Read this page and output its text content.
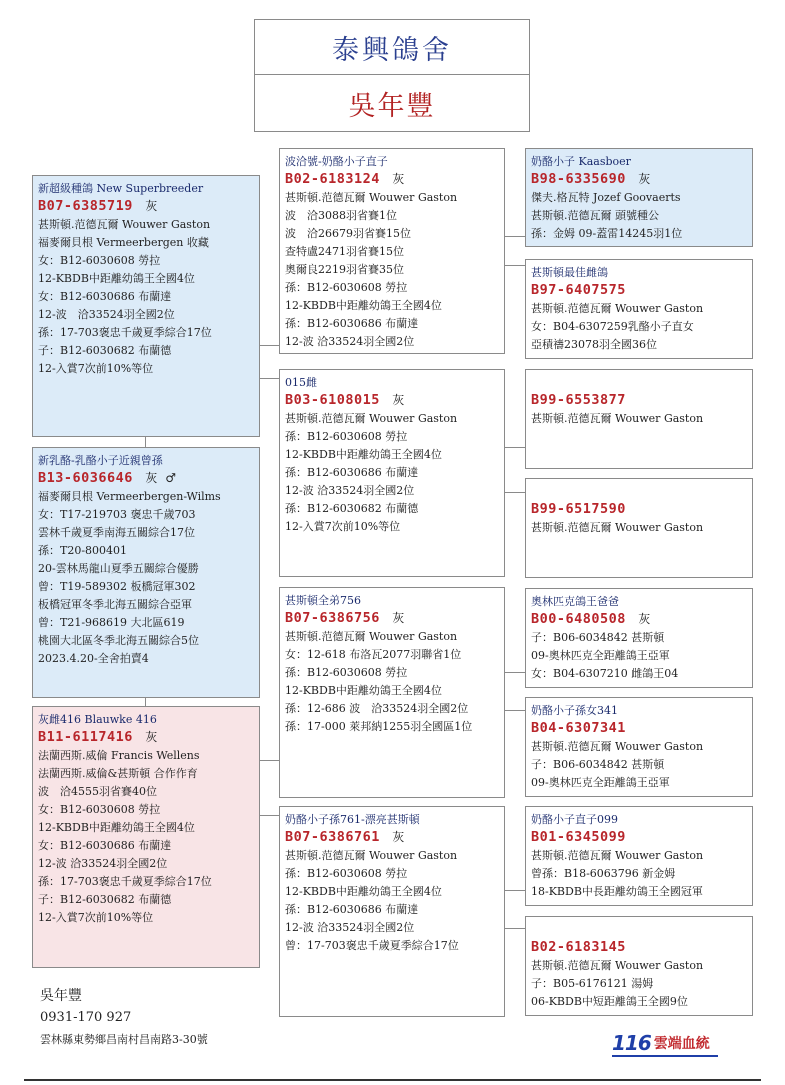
泰興鴿舍
吳年豐
新超級種鴿 New Superbreeder
B07-6385719 灰
甚斯頓.范德瓦爾 Wouwer Gaston
福麥爾貝根 Vermeerbergen 收藏
女：B12-6030608 勞拉
12-KBDB中距離幼鴿王全國4位
女：B12-6030686 布蘭達
12-波　洽33524羽全國2位
孫：17-703褒忠千歲夏季綜合17位
子：B12-6030682 布蘭德
12-入賞7次前10%等位
新乳酪-乳酪小子近親曾孫
B13-6036646 灰 ♂
福麥爾貝根 Vermeerbergen-Wilms
女：T17-219703 褒忠千歲703
雲林千歲夏季南海五關綜合17位
孫：T20-800401
20-雲林馬龍山夏季五關綜合優勝
曾：T19-589302 板橋冠軍302
板橋冠軍冬季北海五關綜合亞軍
曾：T21-968619 大北區619
桃園大北區冬季北海五關綜合5位
2023.4.20-全舍拍賣4
灰雌416 Blauwke 416
B11-6117416 灰
法蘭西斯.威倫 Francis Wellens
法蘭西斯.威倫&甚斯頓 合作作育
波　洽4555羽省賽40位
女：B12-6030608 勞拉
12-KBDB中距離幼鴿王全國4位
女：B12-6030686 布蘭達
12-波 洽33524羽全國2位
孫：17-703褒忠千歲夏季綜合17位
子：B12-6030682 布蘭德
12-入賞7次前10%等位
波洽號-奶酪小子直子
B02-6183124 灰
甚斯頓.范德瓦爾 Wouwer Gaston
波　洽3088羽省賽1位
波　洽26679羽省賽15位
查特盧2471羽省賽15位
奧爾良2219羽省賽35位
孫：B12-6030608 勞拉
12-KBDB中距離幼鴿王全國4位
孫：B12-6030686 布蘭達
12-波 洽33524羽全國2位
015雌
B03-6108015 灰
甚斯頓.范德瓦爾 Wouwer Gaston
孫：B12-6030608 勞拉
12-KBDB中距離幼鴿王全國4位
孫：B12-6030686 布蘭達
12-波 洽33524羽全國2位
孫：B12-6030682 布蘭德
12-入賞7次前10%等位
甚斯頓全弟756
B07-6386756 灰
甚斯頓.范德瓦爾 Wouwer Gaston
女：12-618 布洛瓦2077羽聯省1位
孫：B12-6030608 勞拉
12-KBDB中距離幼鴿王全國4位
孫：12-686 波　洽33524羽全國2位
孫：17-000 萊邦納1255羽全國區1位
奶酪小子孫761-漂亮甚斯頓
B07-6386761 灰
甚斯頓.范德瓦爾 Wouwer Gaston
孫：B12-6030608 勞拉
12-KBDB中距離幼鴿王全國4位
孫：B12-6030686 布蘭達
12-波 洽33524羽全國2位
曾：17-703褒忠千歲夏季綜合17位
奶酪小子 Kaasboer
B98-6335690 灰
傑夫.格瓦特 Jozef Goovaerts
甚斯頓.范德瓦爾 頭號種公
孫：金姆 09-蓋雷14245羽1位
甚斯頓最佳雌鴿
B97-6407575
甚斯頓.范德瓦爾 Wouwer Gaston
女：B04-6307259乳酪小子直女
亞積禱23078羽全國36位
B99-6553877
甚斯頓.范德瓦爾 Wouwer Gaston
B99-6517590
甚斯頓.范德瓦爾 Wouwer Gaston
奧林匹克鴿王爸爸
B00-6480508 灰
子：B06-6034842 甚斯頓
09-奧林匹克全距離鴿王亞軍
女：B04-6307210 雌鴿王04
奶酪小子孫女341
B04-6307341
甚斯頓.范德瓦爾 Wouwer Gaston
子：B06-6034842 甚斯頓
09-奧林匹克全距離鴿王亞軍
奶酪小子直子099
B01-6345099
甚斯頓.范德瓦爾 Wouwer Gaston
曾孫：B18-6063796 新金姆
18-KBDB中長距離幼鴿王全國冠軍
B02-6183145
甚斯頓.范德瓦爾 Wouwer Gaston
子：B05-6176121 湯姆
06-KBDB中短距離鴿王全國9位
吳年豐
0931-170 927
雲林縣東勢鄉昌南村昌南路3-30號	116 雲端血統
